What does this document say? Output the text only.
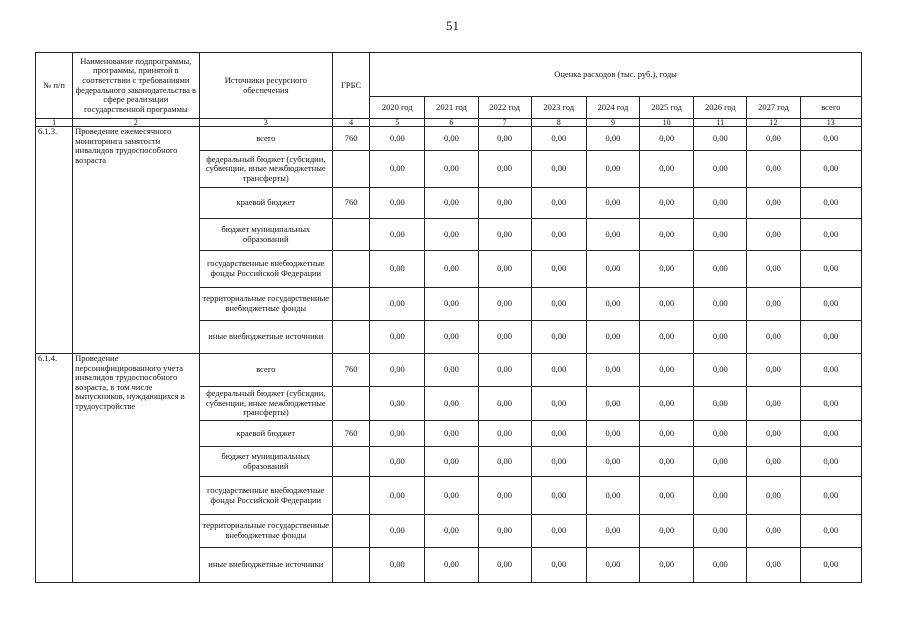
51
№ п/п	Наименование подпрограммы, программы, принятой в соответствии с требованиями федерального законодательства в сфере реализации государственной программы	Источники ресурсного обеспечения	ГРБС	Оценка расходов (тыс. руб.), годы								
				2020 год	2021 год	2022 год	2023 год	2024 год	2025 год	2026 год	2027 год	всего
1	2	3	4	5	6	7	8	9	10	11	12	13
6.1.3.	Проведение ежемесячного мониторинга занятости инвалидов трудоспособного возраста	всего	760	0,00	0,00	0,00	0,00	0,00	0,00	0,00	0,00	0,00
		федеральный бюджет (субсидии, субвенции, иные межбюджетные трансферты)		0,00	0,00	0,00	0,00	0,00	0,00	0,00	0,00	0,00
		краевой бюджет	760	0,00	0,00	0,00	0,00	0,00	0,00	0,00	0,00	0,00
		бюджет муниципальных образований		0,00	0,00	0,00	0,00	0,00	0,00	0,00	0,00	0,00
		государственные внебюджетные фонды Российской Федерации		0,00	0,00	0,00	0,00	0,00	0,00	0,00	0,00	0,00
		территориальные государственные внебюджетные фонды		0,00	0,00	0,00	0,00	0,00	0,00	0,00	0,00	0,00
		иные внебюджетные источники		0,00	0,00	0,00	0,00	0,00	0,00	0,00	0,00	0,00
6.1.4.	Проведение персонифицированного учета инвалидов трудоспособного возраста, в том числе выпускников, нуждающихся в трудоустройстве	всего	760	0,00	0,00	0,00	0,00	0,00	0,00	0,00	0,00	0,00
		федеральный бюджет (субсидии, субвенции, иные межбюджетные трансферты)		0,00	0,00	0,00	0,00	0,00	0,00	0,00	0,00	0,00
		краевой бюджет	760	0,00	0,00	0,00	0,00	0,00	0,00	0,00	0,00	0,00
		бюджет муниципальных образований		0,00	0,00	0,00	0,00	0,00	0,00	0,00	0,00	0,00
		государственные внебюджетные фонды Российской Федерации		0,00	0,00	0,00	0,00	0,00	0,00	0,00	0,00	0,00
		территориальные государственные внебюджетные фонды		0,00	0,00	0,00	0,00	0,00	0,00	0,00	0,00	0,00
		иные внебюджетные источники		0,00	0,00	0,00	0,00	0,00	0,00	0,00	0,00	0,00
